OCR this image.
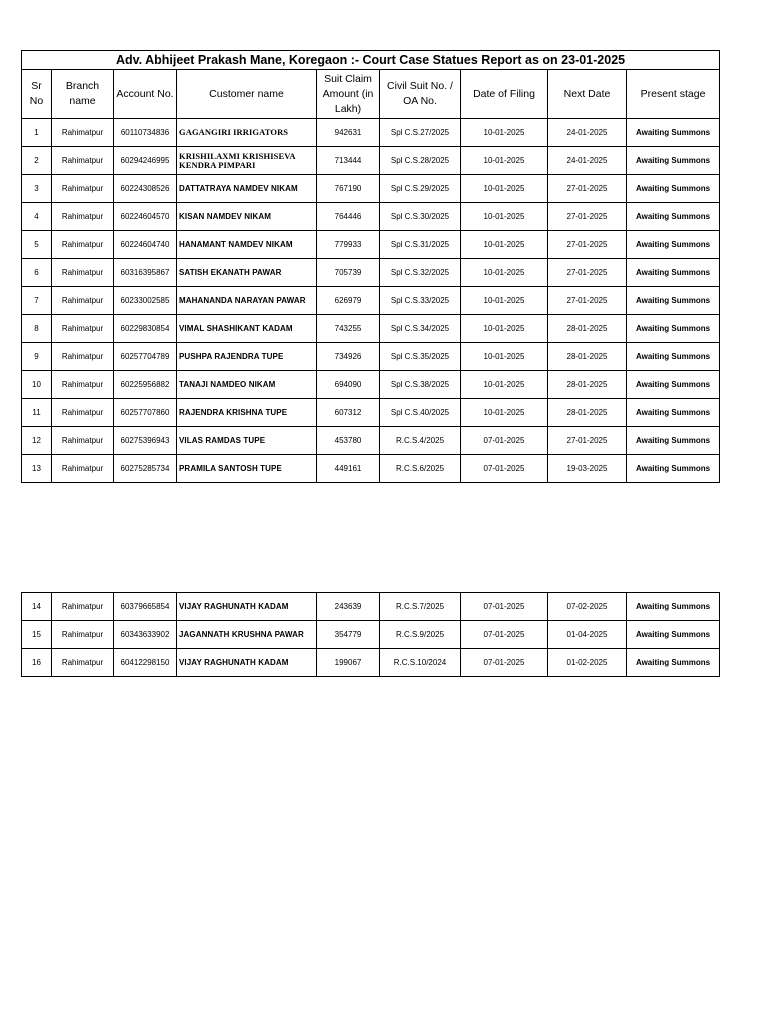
Adv. Abhijeet Prakash Mane, Koregaon :- Court Case Statues Report as on 23-01-2025								
Sr No	Branch name	Account No.	Customer name	Suit Claim Amount (in Lakh)	Civil Suit No. / OA No.	Date of Filing	Next Date	Present stage
1	Rahimatpur	60110734836	GAGANGIRI IRRIGATORS	942631	Spl C.S.27/2025	10-01-2025	24-01-2025	Awaiting Summons
2	Rahimatpur	60294246995	KRISHILAXMI KRISHISEVA KENDRA PIMPARI	713444	Spl C.S.28/2025	10-01-2025	24-01-2025	Awaiting Summons
3	Rahimatpur	60224308526	DATTATRAYA NAMDEV NIKAM	767190	Spl C.S.29/2025	10-01-2025	27-01-2025	Awaiting Summons
4	Rahimatpur	60224604570	KISAN NAMDEV NIKAM	764446	Spl C.S.30/2025	10-01-2025	27-01-2025	Awaiting Summons
5	Rahimatpur	60224604740	HANAMANT NAMDEV NIKAM	779933	Spl C.S.31/2025	10-01-2025	27-01-2025	Awaiting Summons
6	Rahimatpur	60316395867	SATISH EKANATH PAWAR	705739	Spl C.S.32/2025	10-01-2025	27-01-2025	Awaiting Summons
7	Rahimatpur	60233002585	MAHANANDA NARAYAN PAWAR	626979	Spl C.S.33/2025	10-01-2025	27-01-2025	Awaiting Summons
8	Rahimatpur	60229830854	VIMAL SHASHIKANT KADAM	743255	Spl C.S.34/2025	10-01-2025	28-01-2025	Awaiting Summons
9	Rahimatpur	60257704789	PUSHPA RAJENDRA TUPE	734926	Spl C.S.35/2025	10-01-2025	28-01-2025	Awaiting Summons
10	Rahimatpur	60225956882	TANAJI NAMDEO NIKAM	694090	Spl C.S.38/2025	10-01-2025	28-01-2025	Awaiting Summons
11	Rahimatpur	60257707860	RAJENDRA KRISHNA TUPE	607312	Spl C.S.40/2025	10-01-2025	28-01-2025	Awaiting Summons
12	Rahimatpur	60275396943	VILAS RAMDAS TUPE	453780	R.C.S.4/2025	07-01-2025	27-01-2025	Awaiting Summons
13	Rahimatpur	60275285734	PRAMILA SANTOSH TUPE	449161	R.C.S.6/2025	07-01-2025	19-03-2025	Awaiting Summons
14	Rahimatpur	60379665854	VIJAY RAGHUNATH KADAM	243639	R.C.S.7/2025	07-01-2025	07-02-2025	Awaiting Summons
15	Rahimatpur	60343633902	JAGANNATH KRUSHNA PAWAR	354779	R.C.S.9/2025	07-01-2025	01-04-2025	Awaiting Summons
16	Rahimatpur	60412298150	VIJAY RAGHUNATH KADAM	199067	R.C.S.10/2024	07-01-2025	01-02-2025	Awaiting Summons
